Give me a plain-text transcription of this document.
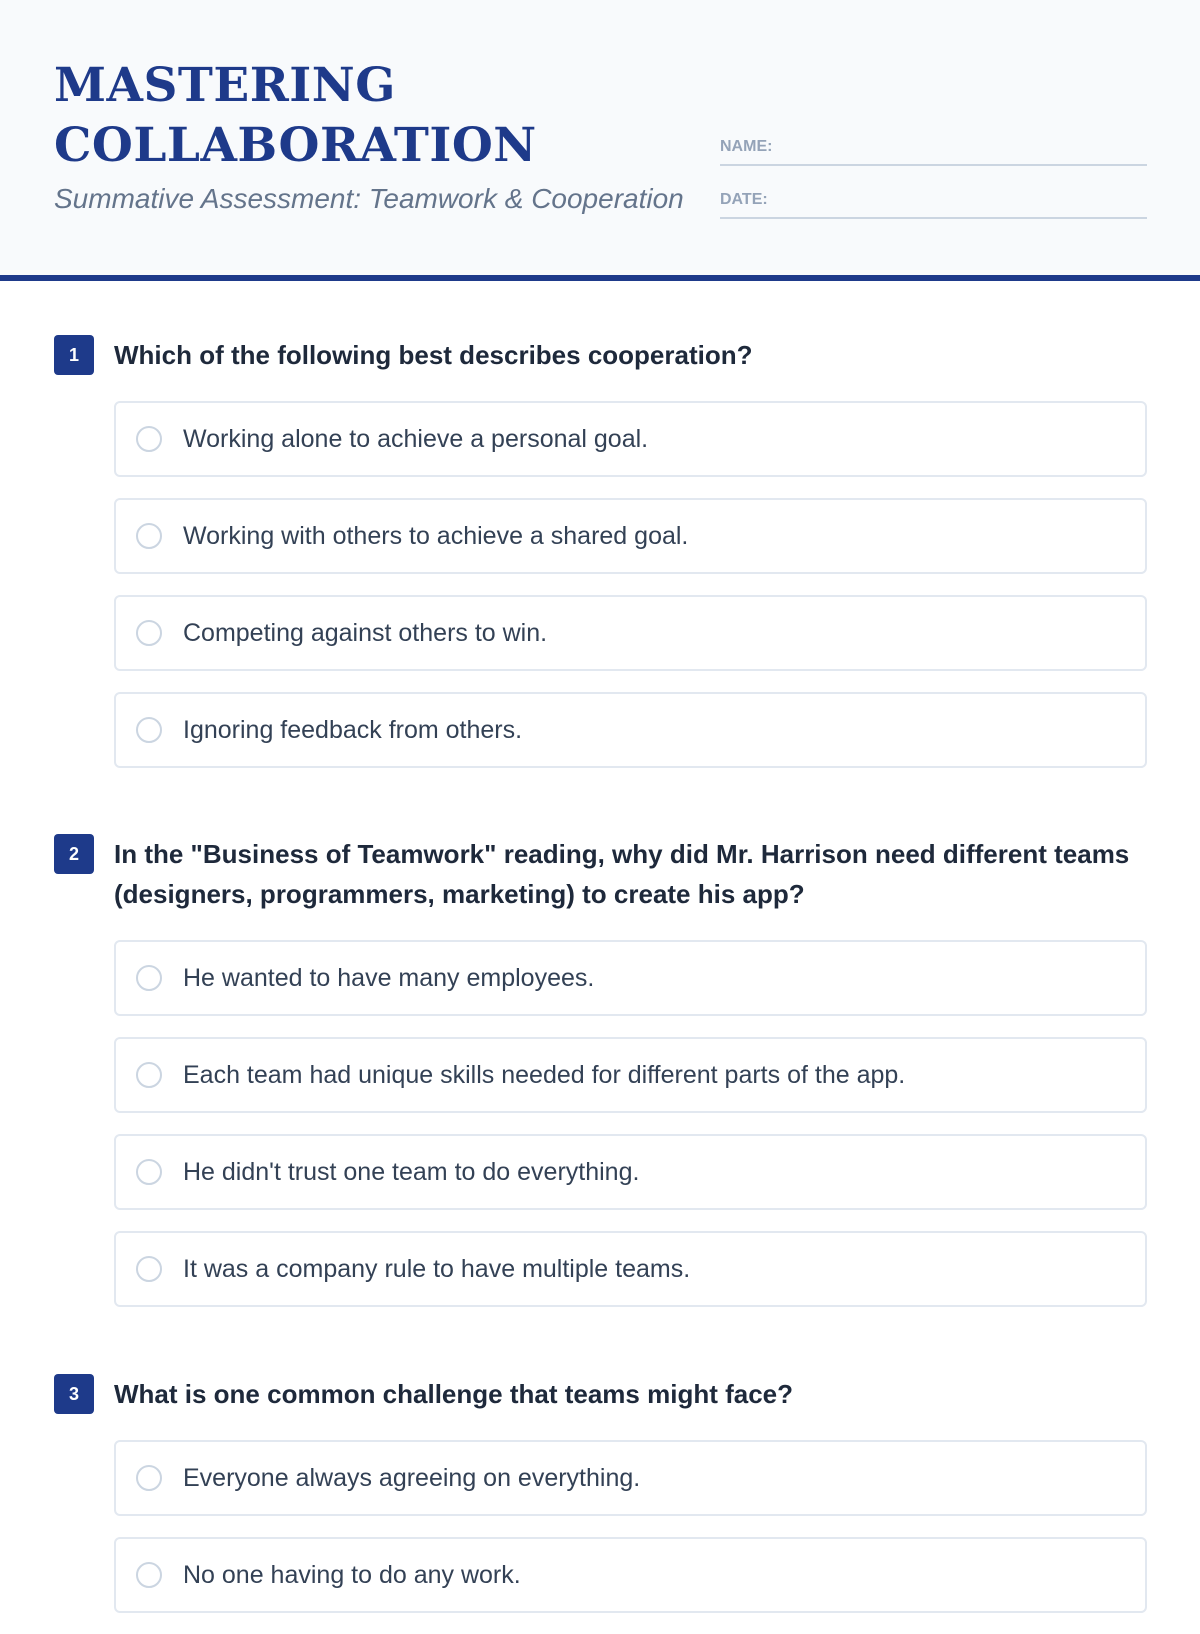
MASTERING
COLLABORATION
Summative Assessment: Teamwork & Cooperation
NAME:
DATE:
1	Which of the following best describes cooperation?
Working alone to achieve a personal goal.
Working with others to achieve a shared goal.
Competing against others to win.
Ignoring feedback from others.
2	In the "Business of Teamwork" reading, why did Mr. Harrison need different teams (designers, programmers, marketing) to create his app?
He wanted to have many employees.
Each team had unique skills needed for different parts of the app.
He didn't trust one team to do everything.
It was a company rule to have multiple teams.
3	What is one common challenge that teams might face?
Everyone always agreeing on everything.
No one having to do any work.
